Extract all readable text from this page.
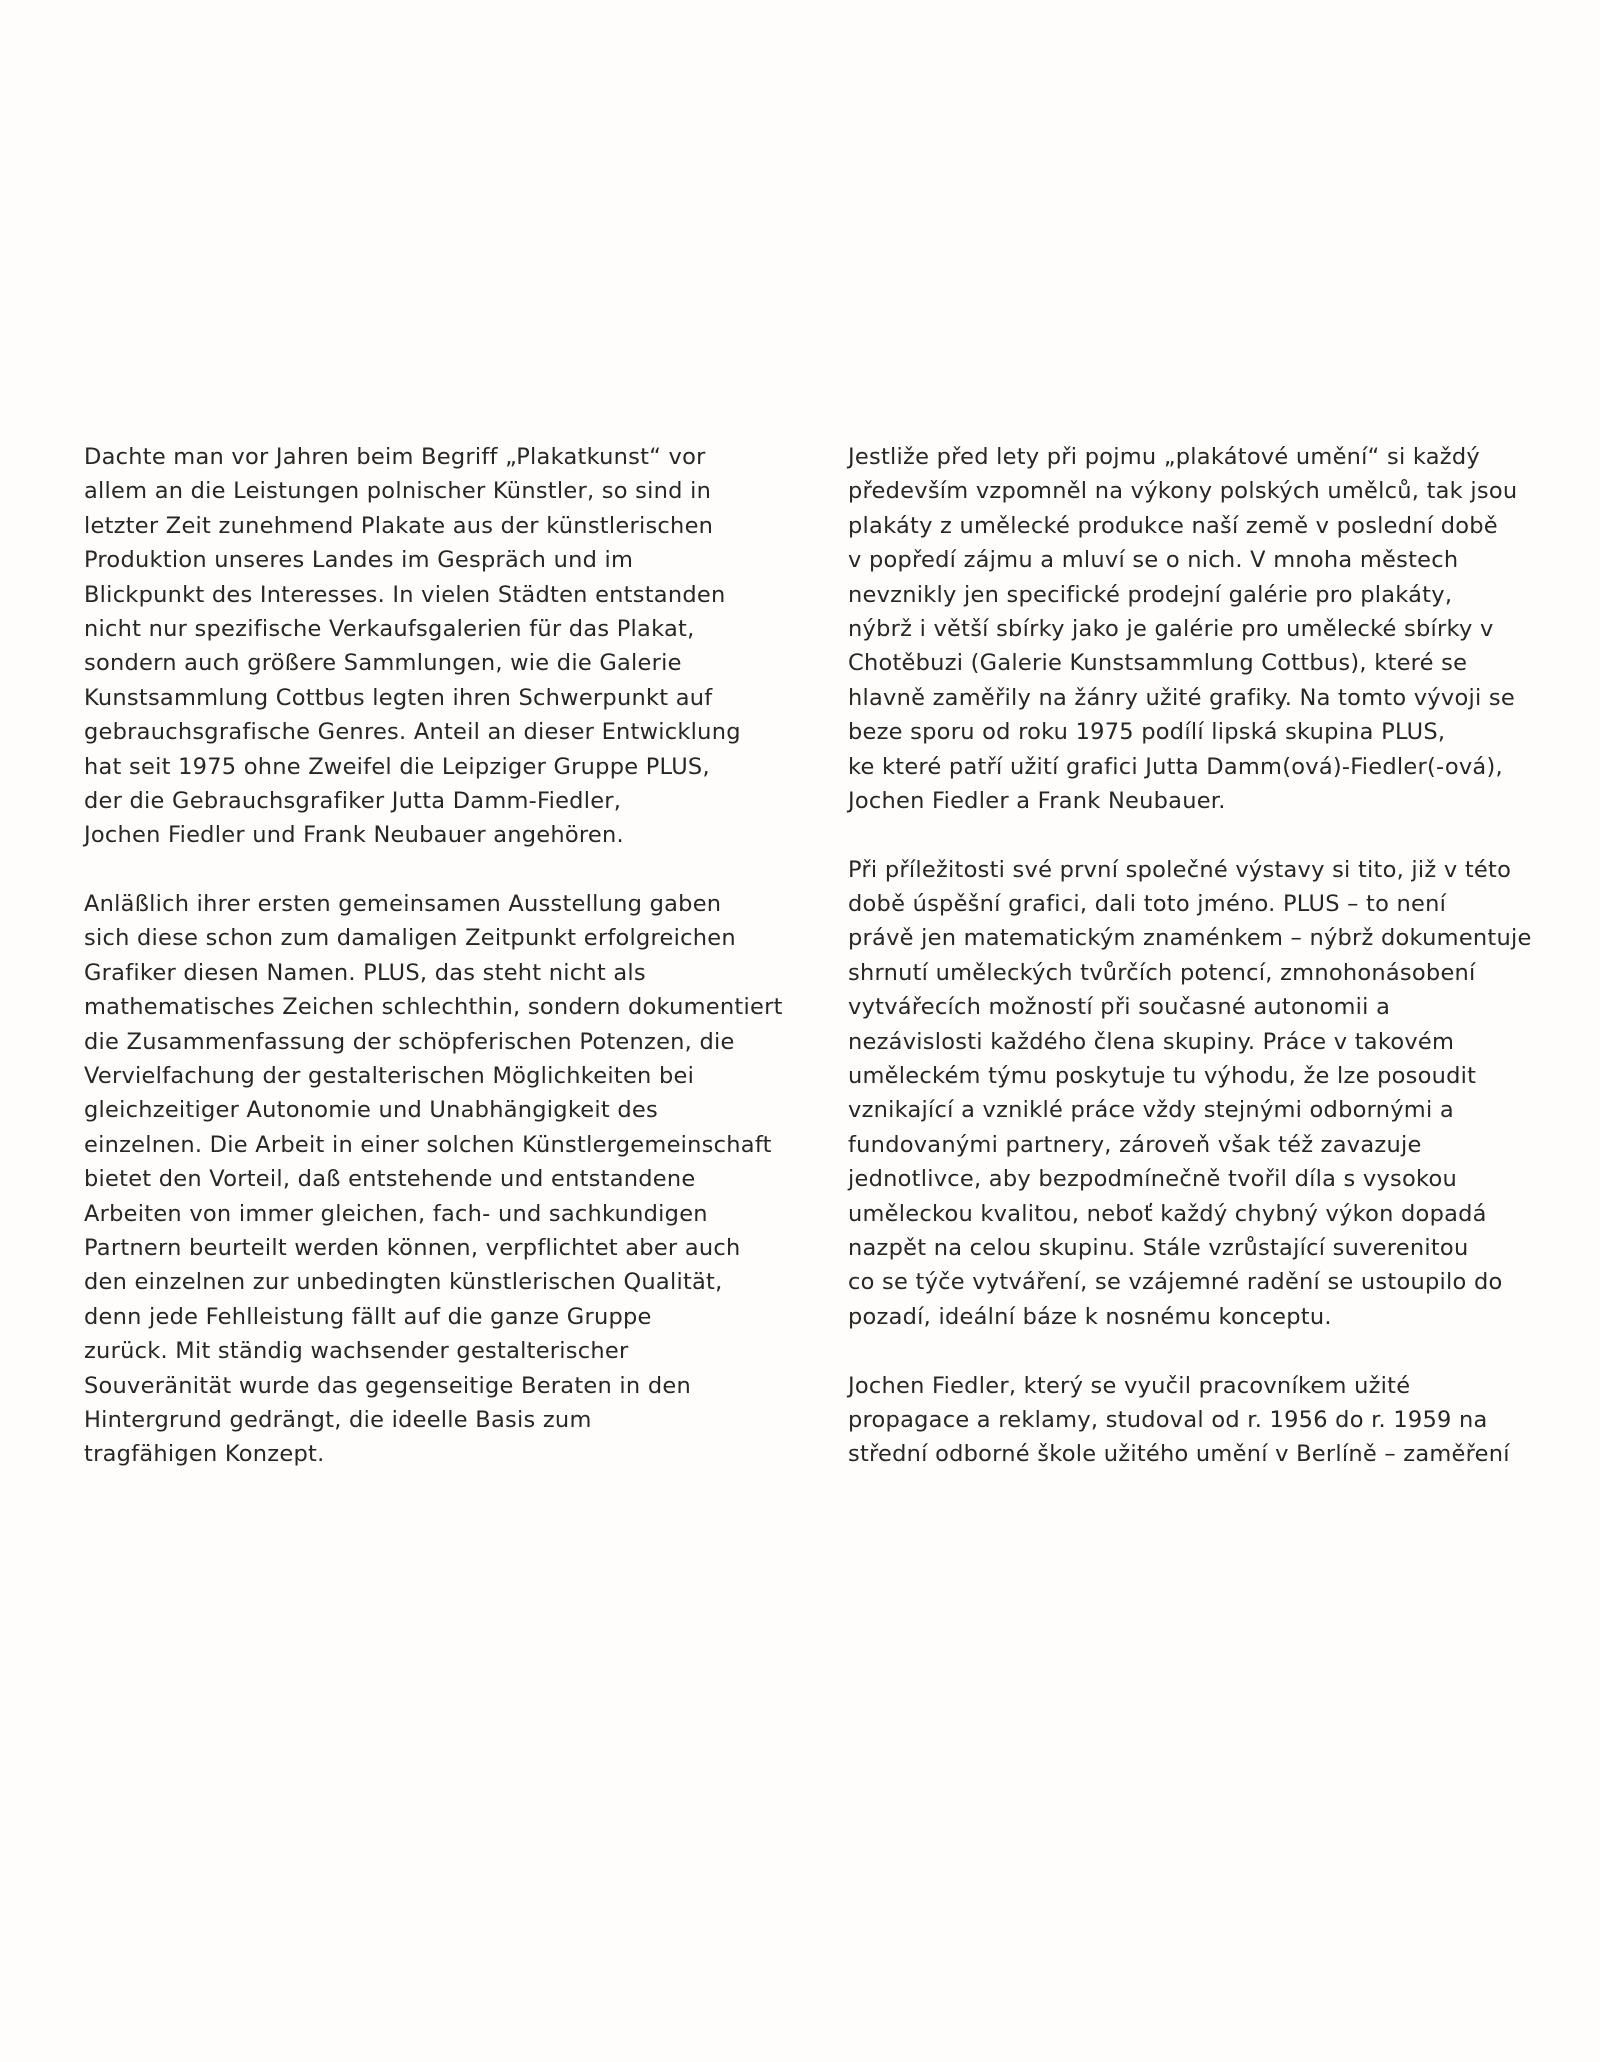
Dachte man vor Jahren beim Begriff „Plakatkunst“ vor
allem an die Leistungen polnischer Künstler, so sind in
letzter Zeit zunehmend Plakate aus der künstlerischen
Produktion unseres Landes im Gespräch und im
Blickpunkt des Interesses. In vielen Städten entstanden
nicht nur spezifische Verkaufsgalerien für das Plakat,
sondern auch größere Sammlungen, wie die Galerie
Kunstsammlung Cottbus legten ihren Schwerpunkt auf
gebrauchsgrafische Genres. Anteil an dieser Entwicklung
hat seit 1975 ohne Zweifel die Leipziger Gruppe PLUS,
der die Gebrauchsgrafiker Jutta Damm-Fiedler,
Jochen Fiedler und Frank Neubauer angehören.
Anläßlich ihrer ersten gemeinsamen Ausstellung gaben
sich diese schon zum damaligen Zeitpunkt erfolgreichen
Grafiker diesen Namen. PLUS, das steht nicht als
mathematisches Zeichen schlechthin, sondern dokumentiert
die Zusammenfassung der schöpferischen Potenzen, die
Vervielfachung der gestalterischen Möglichkeiten bei
gleichzeitiger Autonomie und Unabhängigkeit des
einzelnen. Die Arbeit in einer solchen Künstlergemeinschaft
bietet den Vorteil, daß entstehende und entstandene
Arbeiten von immer gleichen, fach- und sachkundigen
Partnern beurteilt werden können, verpflichtet aber auch
den einzelnen zur unbedingten künstlerischen Qualität,
denn jede Fehlleistung fällt auf die ganze Gruppe
zurück. Mit ständig wachsender gestalterischer
Souveränität wurde das gegenseitige Beraten in den
Hintergrund gedrängt, die ideelle Basis zum
tragfähigen Konzept.
Jestliže před lety při pojmu „plakátové umění“ si každý
především vzpomněl na výkony polských umělců, tak jsou
plakáty z umělecké produkce naší země v poslední době
v popředí zájmu a mluví se o nich. V mnoha městech
nevznikly jen specifické prodejní galérie pro plakáty,
nýbrž i větší sbírky jako je galérie pro umělecké sbírky v
Chotěbuzi (Galerie Kunstsammlung Cottbus), které se
hlavně zaměřily na žánry užité grafiky. Na tomto vývoji se
beze sporu od roku 1975 podílí lipská skupina PLUS,
ke které patří užití grafici Jutta Damm(ová)-Fiedler(-ová),
Jochen Fiedler a Frank Neubauer.
Při příležitosti své první společné výstavy si tito, již v této
době úspěšní grafici, dali toto jméno. PLUS – to není
právě jen matematickým znaménkem – nýbrž dokumentuje
shrnutí uměleckých tvůrčích potencí, zmnohonásobení
vytvářecích možností při současné autonomii a
nezávislosti každého člena skupiny. Práce v takovém
uměleckém týmu poskytuje tu výhodu, že lze posoudit
vznikající a vzniklé práce vždy stejnými odbornými a
fundovanými partnery, zároveň však též zavazuje
jednotlivce, aby bezpodmínečně tvořil díla s vysokou
uměleckou kvalitou, neboť každý chybný výkon dopadá
nazpět na celou skupinu. Stále vzrůstající suverenitou
co se týče vytváření, se vzájemné radění se ustoupilo do
pozadí, ideální báze k nosnému konceptu.
Jochen Fiedler, který se vyučil pracovníkem užité
propagace a reklamy, studoval od r. 1956 do r. 1959 na
střední odborné škole užitého umění v Berlíně – zaměření
